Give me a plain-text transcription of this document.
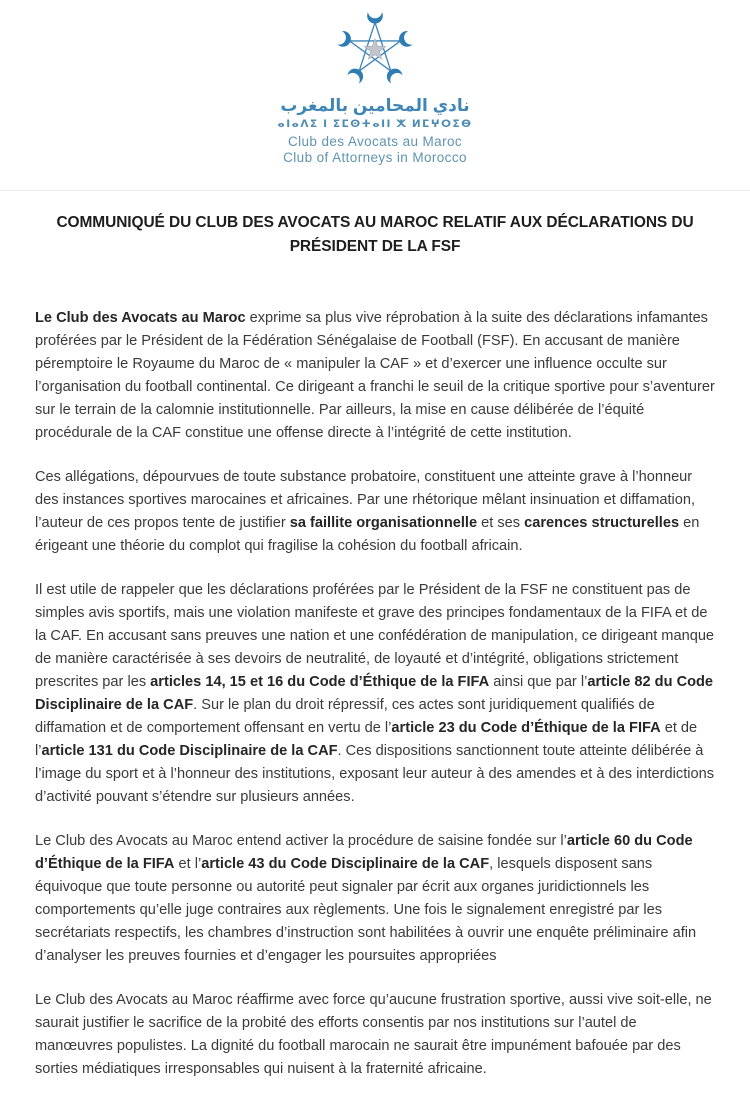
نادي المحامين بالمغرب
ⴰⵏⴰⴷⵉ ⵏ ⵉⵎⵙⵜⴰⵏⵏ ⵅ ⵍⵎⵖⵔⵉⴱ
Club des Avocats au Maroc
Club of Attorneys in Morocco
COMMUNIQUÉ DU CLUB DES AVOCATS AU MAROC RELATIF AUX DÉCLARATIONS DU PRÉSIDENT DE LA FSF

Le Club des Avocats au Maroc exprime sa plus vive réprobation à la suite des déclarations infamantes proférées par le Président de la Fédération Sénégalaise de Football (FSF). En accusant de manière péremptoire le Royaume du Maroc de « manipuler la CAF » et d’exercer une influence occulte sur l’organisation du football continental. Ce dirigeant a franchi le seuil de la critique sportive pour s’aventurer sur le terrain de la calomnie institutionnelle. Par ailleurs, la mise en cause délibérée de l’équité procédurale de la CAF constitue une offense directe à l’intégrité de cette institution.

Ces allégations, dépourvues de toute substance probatoire, constituent une atteinte grave à l’honneur des instances sportives marocaines et africaines. Par une rhétorique mêlant insinuation et diffamation, l’auteur de ces propos tente de justifier sa faillite organisationnelle et ses carences structurelles en érigeant une théorie du complot qui fragilise la cohésion du football africain.

Il est utile de rappeler que les déclarations proférées par le Président de la FSF ne constituent pas de simples avis sportifs, mais une violation manifeste et grave des principes fondamentaux de la FIFA et de la CAF. En accusant sans preuves une nation et une confédération de manipulation, ce dirigeant manque de manière caractérisée à ses devoirs de neutralité, de loyauté et d’intégrité, obligations strictement prescrites par les articles 14, 15 et 16 du Code d’Éthique de la FIFA ainsi que par l’article 82 du Code Disciplinaire de la CAF. Sur le plan du droit répressif, ces actes sont juridiquement qualifiés de diffamation et de comportement offensant en vertu de l’article 23 du Code d’Éthique de la FIFA et de l’article 131 du Code Disciplinaire de la CAF. Ces dispositions sanctionnent toute atteinte délibérée à l’image du sport et à l’honneur des institutions, exposant leur auteur à des amendes et à des interdictions d’activité pouvant s’étendre sur plusieurs années.

Le Club des Avocats au Maroc entend activer la procédure de saisine fondée sur l’article 60 du Code d’Éthique de la FIFA et l’article 43 du Code Disciplinaire de la CAF, lesquels disposent sans équivoque que toute personne ou autorité peut signaler par écrit aux organes juridictionnels les comportements qu’elle juge contraires aux règlements. Une fois le signalement enregistré par les secrétariats respectifs, les chambres d’instruction sont habilitées à ouvrir une enquête préliminaire afin d’analyser les preuves fournies et d’engager les poursuites appropriées

Le Club des Avocats au Maroc réaffirme avec force qu’aucune frustration sportive, aussi vive soit-elle, ne saurait justifier le sacrifice de la probité des efforts consentis par nos institutions sur l’autel de manœuvres populistes. La dignité du football marocain ne saurait être impunément bafouée par des sorties médiatiques irresponsables qui nuisent à la fraternité africaine.
